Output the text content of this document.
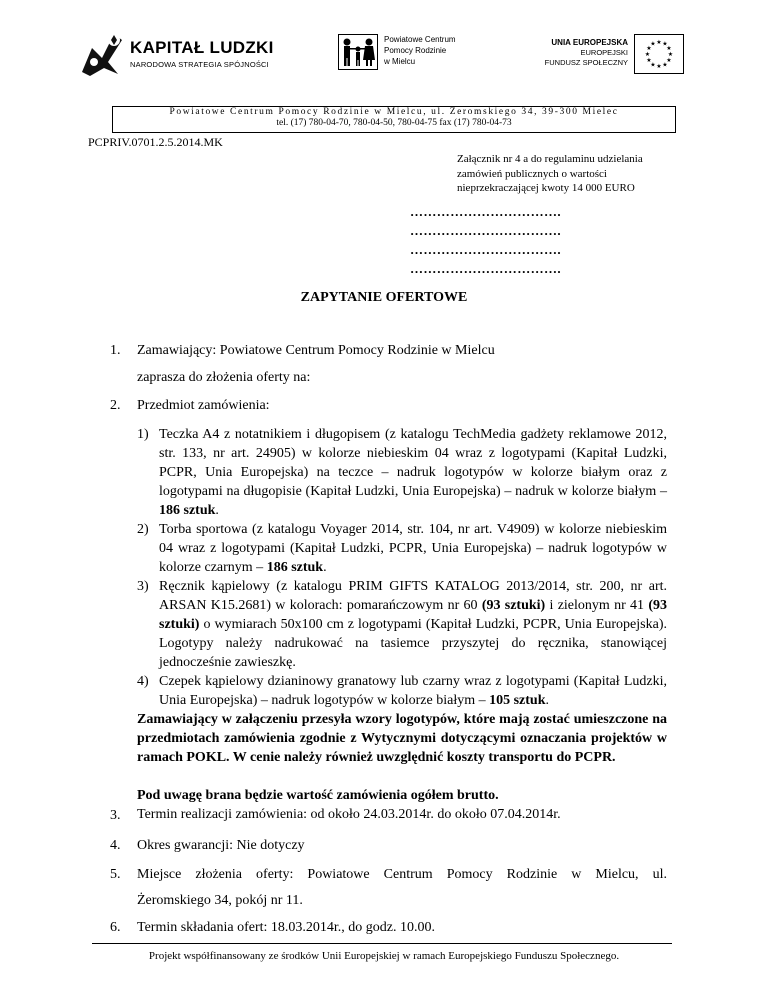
KAPITAŁ LUDZKI
NARODOWA STRATEGIA SPÓJNOŚCI
Powiatowe Centrum
Pomocy Rodzinie
w Mielcu
UNIA EUROPEJSKA
EUROPEJSKI
FUNDUSZ SPOŁECZNY
★ ★
★
★
★
★
★
★
★
★
★
★
Powiatowe Centrum Pomocy Rodzinie w Mielcu, ul. Żeromskiego 34, 39-300 Mielec
tel. (17) 780-04-70, 780-04-50, 780-04-75 fax (17) 780-04-73
PCPRIV.0701.2.5.2014.MK
Załącznik nr 4 a do regulaminu udzielania
zamówień publicznych o wartości
nieprzekraczającej kwoty 14 000 EURO
…………………………….
…………………………….
…………………………….
…………………………….
ZAPYTANIE OFERTOWE
1. Zamawiający: Powiatowe Centrum Pomocy Rodzinie w Mielcu
zaprasza do złożenia oferty na:
2. Przedmiot zamówienia:
1) Teczka A4 z notatnikiem i długopisem (z katalogu TechMedia gadżety reklamowe 2012, str. 133, nr art. 24905) w kolorze niebieskim 04 wraz z logotypami (Kapitał Ludzki, PCPR, Unia Europejska) na teczce – nadruk logotypów w kolorze białym oraz z logotypami na długopisie (Kapitał Ludzki, Unia Europejska) – nadruk w kolorze białym – 186 sztuk.
2) Torba sportowa (z katalogu Voyager 2014, str. 104, nr art. V4909) w kolorze niebieskim 04 wraz z logotypami (Kapitał Ludzki, PCPR, Unia Europejska) – nadruk logotypów w kolorze czarnym – 186 sztuk.
3) Ręcznik kąpielowy (z katalogu PRIM GIFTS KATALOG 2013/2014, str. 200, nr art. ARSAN K15.2681) w kolorach: pomarańczowym nr 60 (93 sztuki) i zielonym nr 41 (93 sztuki) o wymiarach 50x100 cm z logotypami (Kapitał Ludzki, PCPR, Unia Europejska). Logotypy należy nadrukować na tasiemce przyszytej do ręcznika, stanowiącej jednocześnie zawieszkę.
4) Czepek kąpielowy dzianinowy granatowy lub czarny wraz z logotypami (Kapitał Ludzki, Unia Europejska) – nadruk logotypów w kolorze białym – 105 sztuk.
Zamawiający w załączeniu przesyła wzory logotypów, które mają zostać umieszczone na przedmiotach zamówienia zgodnie z Wytycznymi dotyczącymi oznaczania projektów w ramach POKL. W cenie należy również uwzględnić koszty transportu do PCPR.
Pod uwagę brana będzie wartość zamówienia ogółem brutto.
3. Termin realizacji zamówienia: od około 24.03.2014r. do około 07.04.2014r.
4. Okres gwarancji: Nie dotyczy
5. Miejsce złożenia oferty: Powiatowe Centrum Pomocy Rodzinie w Mielcu, ul.
Żeromskiego 34, pokój nr 11.
6. Termin składania ofert: 18.03.2014r., do godz. 10.00.
Projekt współfinansowany ze środków Unii Europejskiej w ramach Europejskiego Funduszu Społecznego.
